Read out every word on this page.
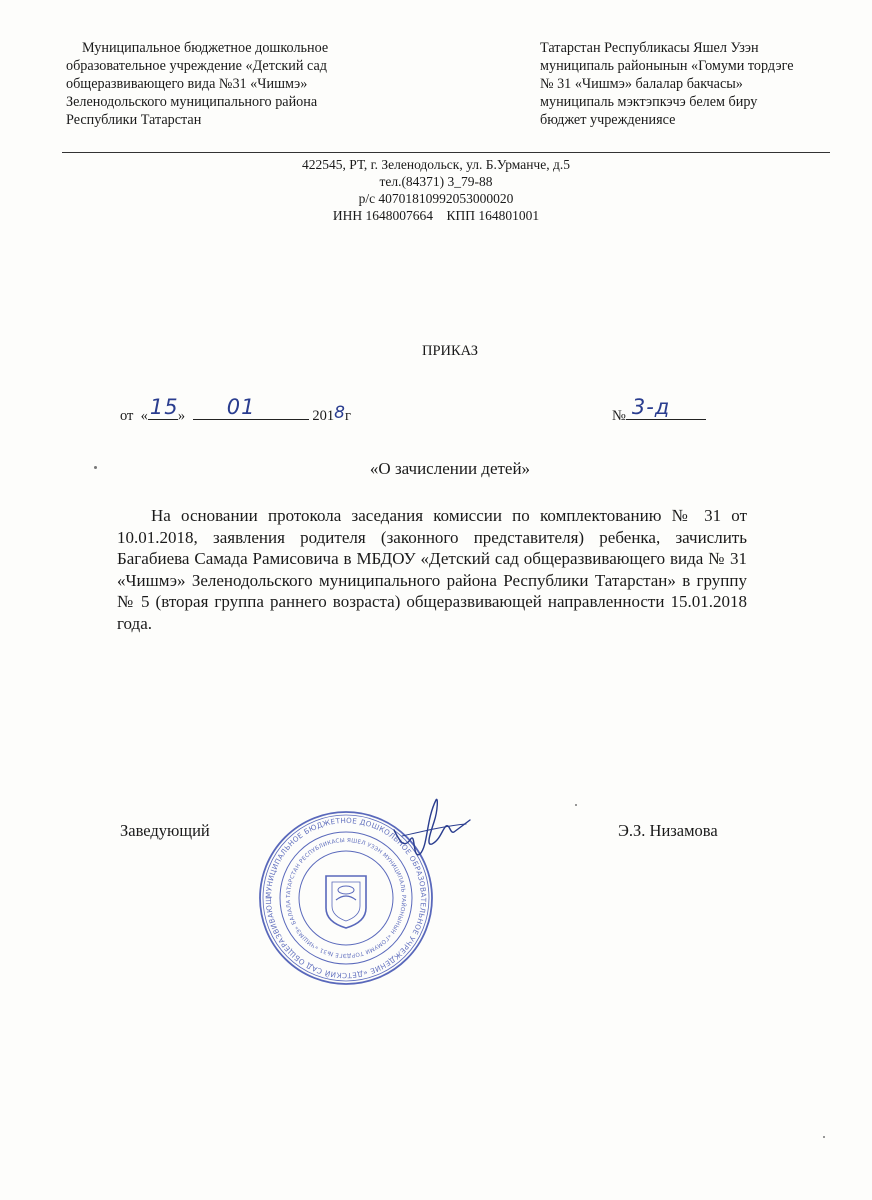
Муниципальное бюджетное дошкольное
образовательное учреждение «Детский сад
общеразвивающего вида №31 «Чишмэ»
Зеленодольского муниципального района
Республики Татарстан
Татарстан Республикасы Яшел Узэн
муниципаль районынын «Гомуми тордэге
№ 31 «Чишмэ» балалар бакчасы»
муниципаль мэктэпкэчэ белем биру
бюджет учреждениясе
422545, РТ, г. Зеленодольск, ул. Б.Урманче, д.5
тел.(84371) 3_79-88
р/с 40701810992053000020
ИНН 1648007664    КПП 164801001
ПРИКАЗ
от « 15 » 01	2018г	№ 3-д
«О зачислении детей»
На основании протокола заседания комиссии по комплектованию № 31 от 10.01.2018, заявления родителя (законного представителя) ребенка, зачислить Багабиева Самада Рамисовича в МБДОУ «Детский сад общеразвивающего вида № 31 «Чишмэ» Зеленодольского муниципального района Республики Татарстан» в группу № 5 (вторая группа раннего возраста) общеразвивающей направленности 15.01.2018 года.
Заведующий	Э.З. Низамова
МУНИЦИПАЛЬНОЕ БЮДЖЕТНОЕ ДОШКОЛЬНОЕ ОБРАЗОВАТЕЛЬНОЕ УЧРЕЖДЕНИЕ «ДЕТСКИЙ САД ОБЩЕРАЗВИВАЮЩ
ТАТАРСТАН РЕСПУБЛИКАСЫ ЯШЕЛ УЗЭН МУНИЦИПАЛЬ РАЙОНЫНЫН «ГОМУМИ ТОРДЭГЕ №31 «ЧИШМЭ» БАЛАЛА
